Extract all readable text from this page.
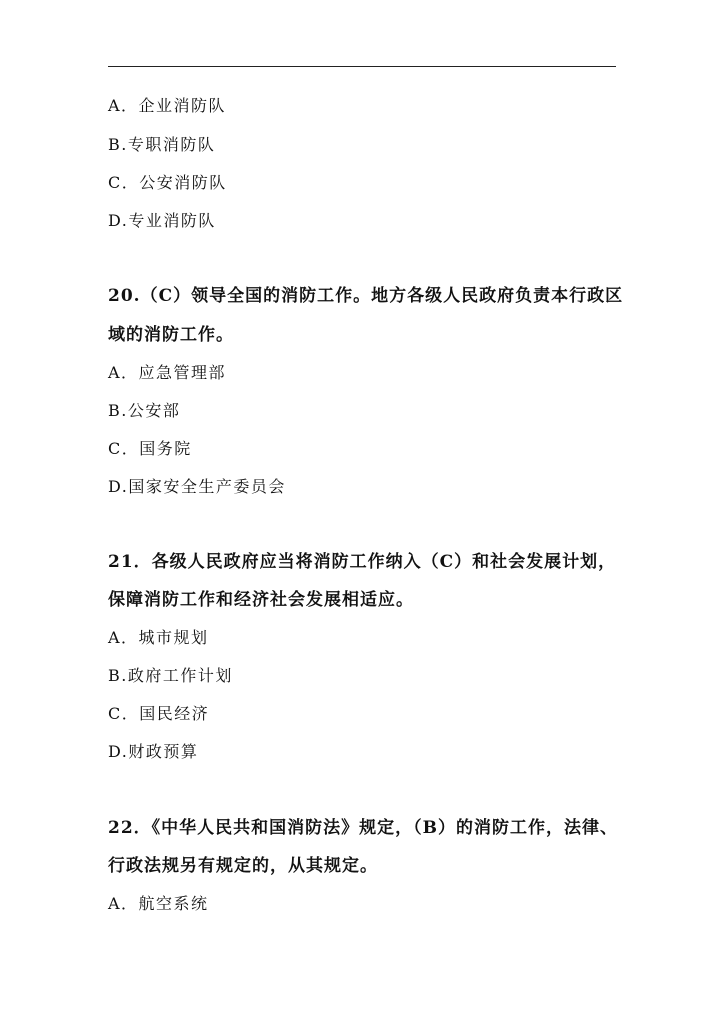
A．企业消防队
B.专职消防队
C．公安消防队
D.专业消防队
20.（C）领导全国的消防工作。地方各级人民政府负责本行政区
域的消防工作。
A．应急管理部
B.公安部
C．国务院
D.国家安全生产委员会
21．各级人民政府应当将消防工作纳入（C）和社会发展计划，
保障消防工作和经济社会发展相适应。
A．城市规划
B.政府工作计划
C．国民经济
D.财政预算
22．《中华人民共和国消防法》规定，（B）的消防工作，法律、
行政法规另有规定的，从其规定。
A．航空系统
